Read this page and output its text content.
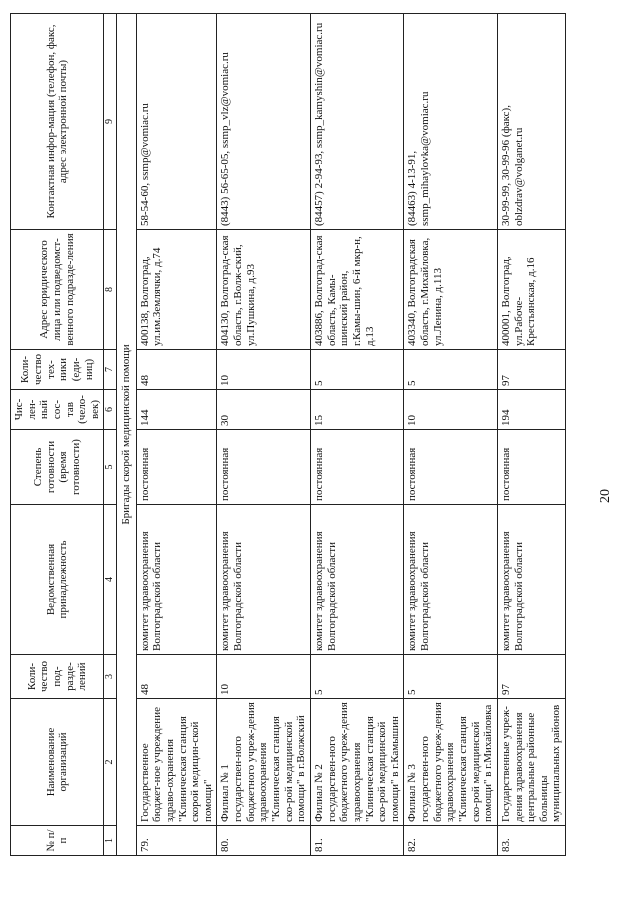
20
№ п/п	Наименование организаций	Коли-чество под-разде-лений	Ведомственная принадлежность	Степень готовности (время готовности)	Чис-лен-ный сос-тав (чело-век)	Коли-чество тех-ники (еди-ниц)	Адрес юридического лица или подведомст-венного подразде-ления	Контактная инфор-мация (телефон, факс, адрес электронной почты)
1	2	3	4	5	6	7	8	9
Бригады скорой медицинской помощи								
79.	Государственное бюджет-ное учреждение здраво-охранения "Клиническая станция скорой медицин-ской помощи"	48	комитет здравоохранения Волгоградской области	постоянная	144	48	400138, Волгоград, ул.им.Землячки, д.74	58-54-60, ssmp@vomiac.ru
80.	Филиал № 1 государствен-ного бюджетного учреж-дения здравоохранения "Клиническая станция ско-рой медицинской помощи" в г.Волжский	10	комитет здравоохранения Волгоградской области	постоянная	30	10	404130, Волгоград-ская область, г.Волж-ский, ул.Пушкина, д.93	(8443) 56-65-05, ssmp_vlz@vomiac.ru
81.	Филиал № 2 государствен-ного бюджетного учреж-дения здравоохранения "Клиническая станция ско-рой медицинской помощи" в г.Камышин	5	комитет здравоохранения Волгоградской области	постоянная	15	5	403886, Волгоград-ская область, Камы-шинский район, г.Камы-шин, 6-й мкр-н, д.13	(84457) 2-94-93, ssmp_kamyshin@vomiac.ru
82.	Филиал № 3 государствен-ного бюджетного учреж-дения здравоохранения "Клиническая станция ско-рой медицинской помощи" в г.Михайловка	5	комитет здравоохранения Волгоградской области	постоянная	10	5	403340, Волгоградская область, г.Михайловка, ул.Ленина, д.113	(84463) 4-13-91, ssmp_mihaylovka@vomiac.ru
83.	Государственные учреж-дения здравоохранения центральные районные больницы муниципальных районов	97	комитет здравоохранения Волгоградской области	постоянная	194	97	400001, Волгоград, ул.Рабоче-Крестьянская, д.16	30-99-99, 30-99-96 (факс), oblzdrav@volganet.ru
